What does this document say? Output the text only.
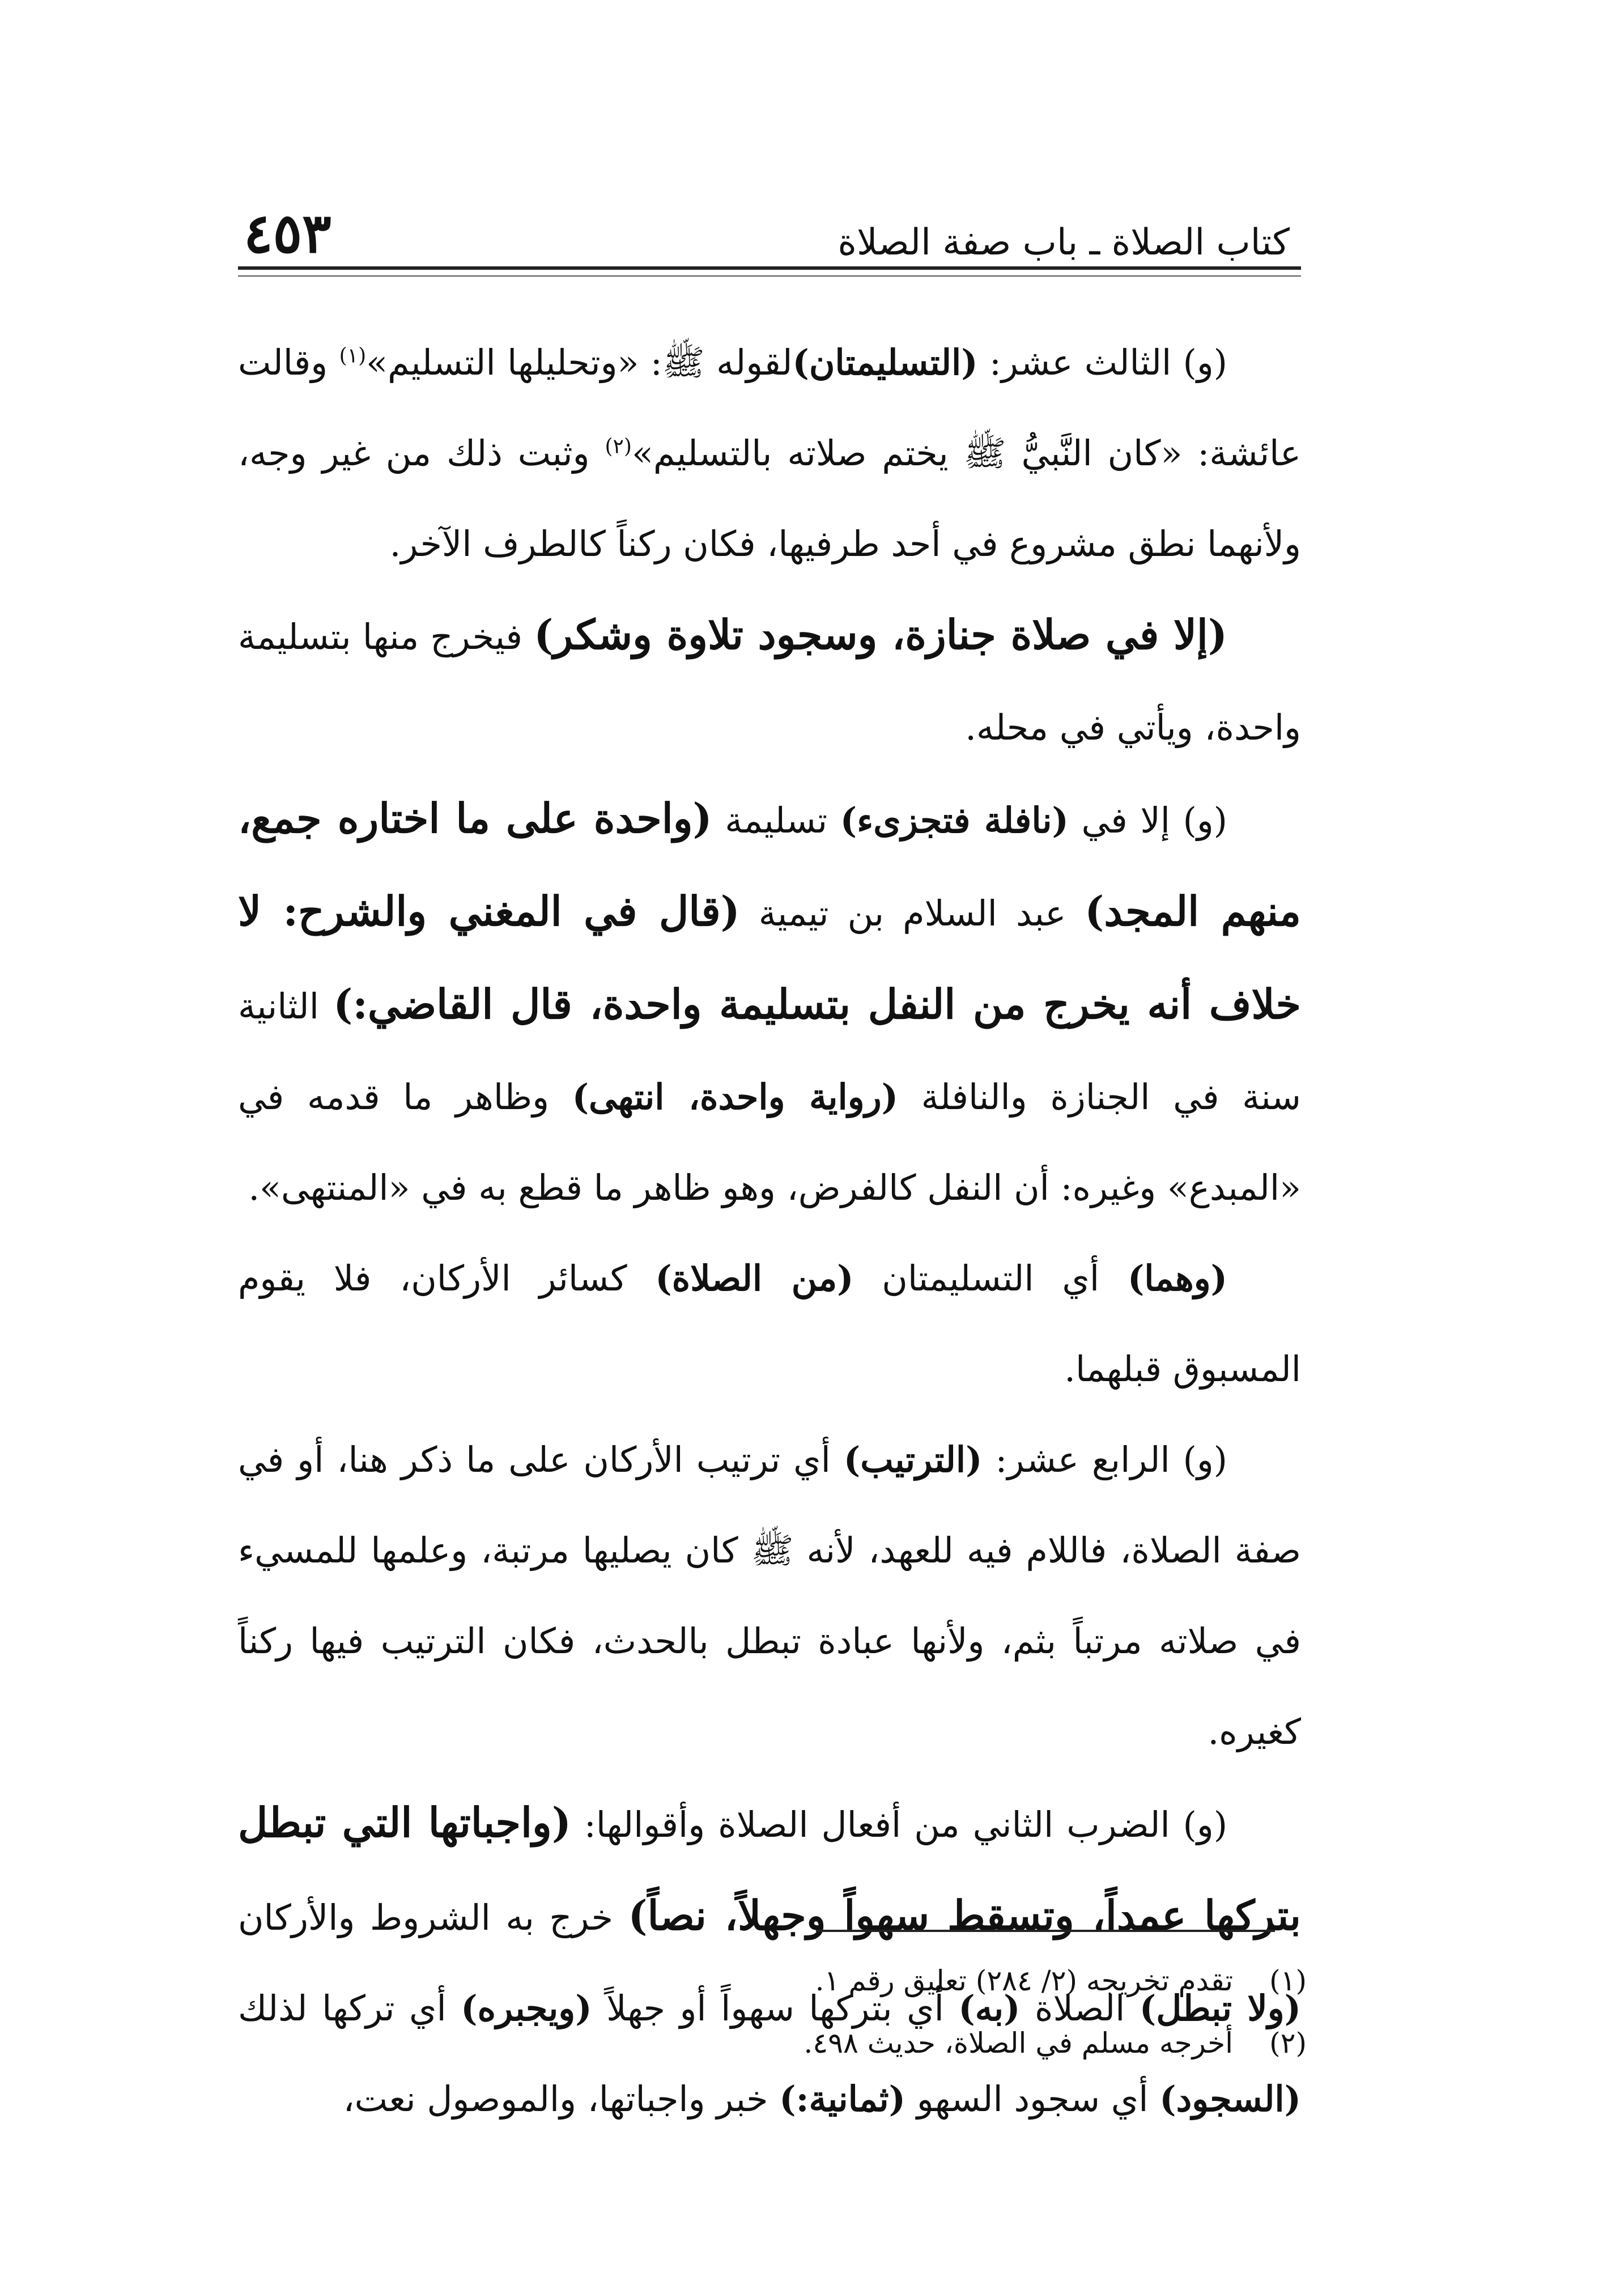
كتاب الصلاة ـ باب صفة الصلاة
٤٥٣

(و) الثالث عشر: (التسليمتان)لقوله ﷺ: «وتحليلها التسليم»$^{(١)}$ وقالت عائشة: «كان النَّبيُّ ﷺ يختم صلاته بالتسليم»$^{(٢)}$ وثبت ذلك من غير وجه، ولأنهما نطق مشروع في أحد طرفيها، فكان ركناً كالطرف الآخر.

(إلا في صلاة جنازة، وسجود تلاوة وشكر) فيخرج منها بتسليمة واحدة، ويأتي في محله.

(و) إلا في (نافلة فتجزىء) تسليمة (واحدة على ما اختاره جمع، منهم المجد) عبد السلام بن تيمية (قال في المغني والشرح: لا خلاف أنه يخرج من النفل بتسليمة واحدة، قال القاضي:) الثانية سنة في الجنازة والنافلة (رواية واحدة، انتهى) وظاهر ما قدمه في «المبدع» وغيره: أن النفل كالفرض، وهو ظاهر ما قطع به في «المنتهى».

(وهما) أي التسليمتان (من الصلاة) كسائر الأركان، فلا يقوم المسبوق قبلهما.

(و) الرابع عشر: (الترتيب) أي ترتيب الأركان على ما ذكر هنا، أو في صفة الصلاة، فاللام فيه للعهد، لأنه ﷺ كان يصليها مرتبة، وعلمها للمسيء في صلاته مرتباً بثم، ولأنها عبادة تبطل بالحدث، فكان الترتيب فيها ركناً كغيره.

(و) الضرب الثاني من أفعال الصلاة وأقوالها: (واجباتها التي تبطل بتركها عمداً، وتسقط سهواً وجهلاً، نصاً) خرج به الشروط والأركان (ولا تبطل) الصلاة (به) أي بتركها سهواً أو جهلاً (ويجبره) أي تركها لذلك (السجود) أي سجود السهو (ثمانية:) خبر واجباتها، والموصول نعت،

(١)
تقدم تخريجه (٢/ ٢٨٤) تعليق رقم ١.
(٢)
أخرجه مسلم في الصلاة، حديث ٤٩٨.
